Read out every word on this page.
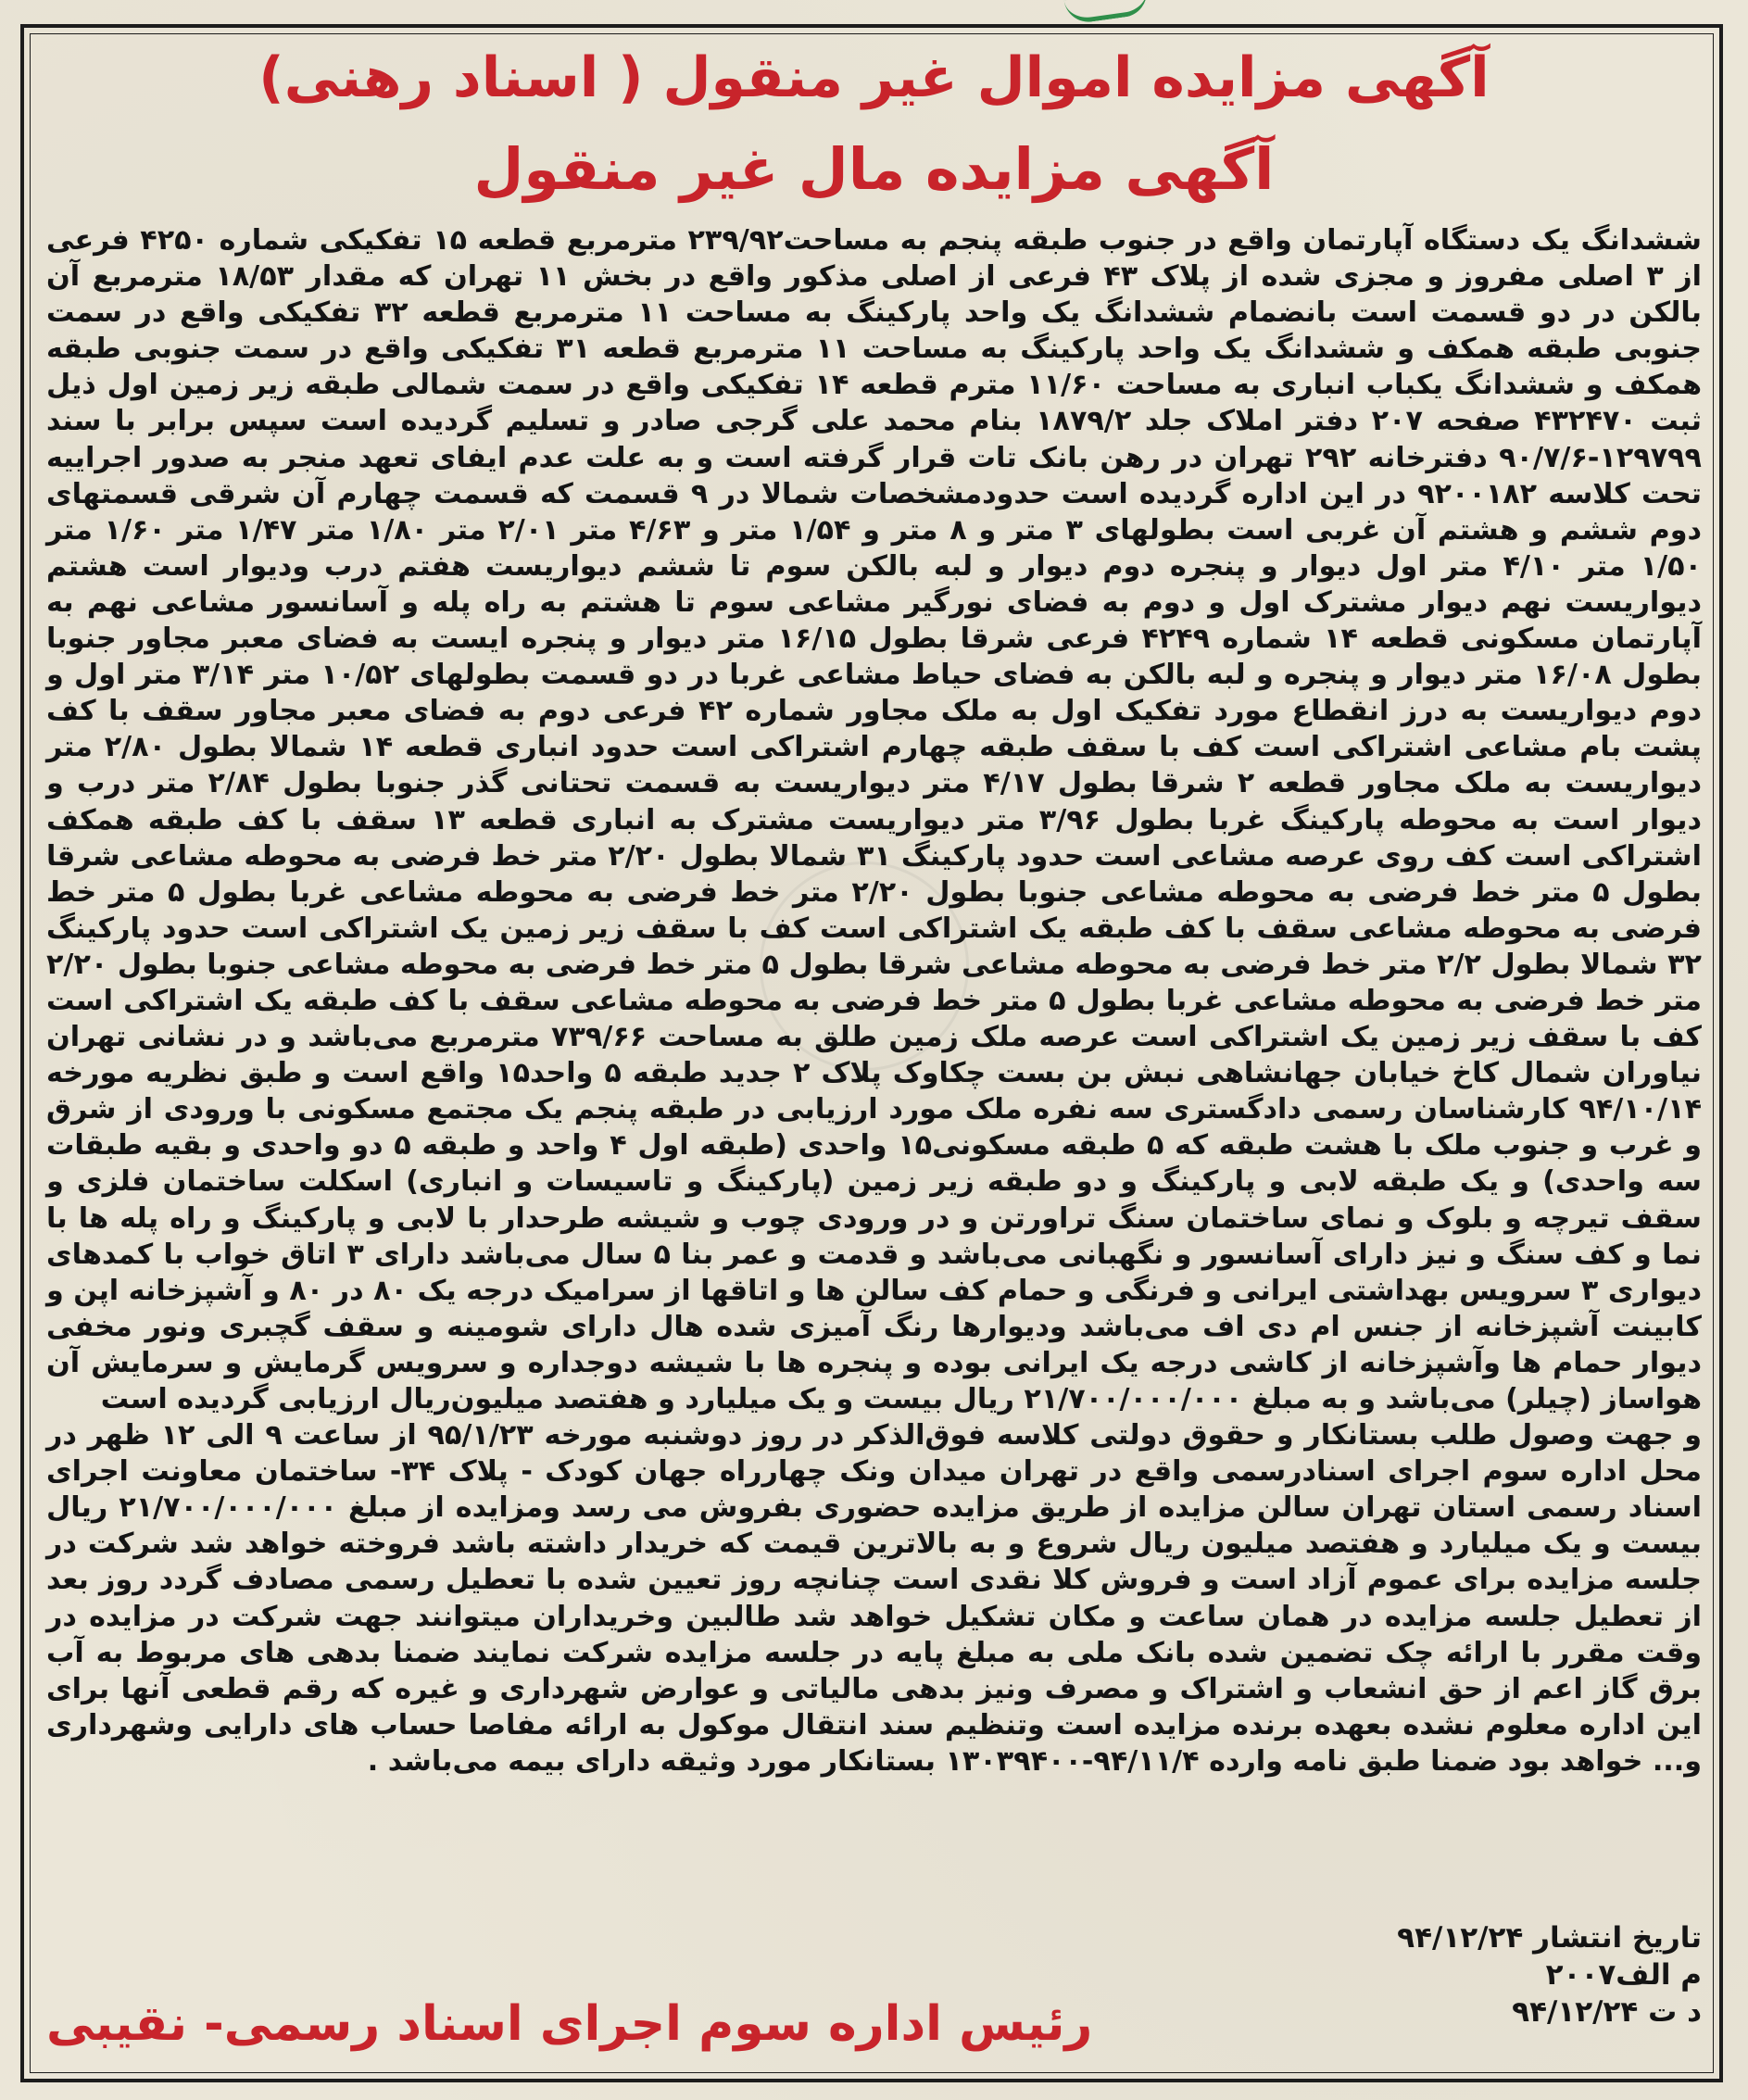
آگهی مزایده اموال غیر منقول ( اسناد رهنی)
آگهی مزایده مال غیر منقول

ششدانگ یک دستگاه آپارتمان واقع در جنوب طبقه پنجم به مساحت۲۳۹/۹۲ مترمربع قطعه ۱۵ تفکیکی شماره ۴۲۵۰ فرعی از ۳ اصلی مفروز و مجزی شده از پلاک ۴۳ فرعی از اصلی مذکور واقع در بخش ۱۱ تهران که مقدار ۱۸/۵۳ مترمربع آن بالکن در دو قسمت است بانضمام ششدانگ یک واحد پارکینگ به مساحت ۱۱ مترمربع قطعه ۳۲ تفکیکی واقع در سمت جنوبی طبقه همکف و ششدانگ یک واحد پارکینگ به مساحت ۱۱ مترمربع قطعه ۳۱ تفکیکی واقع در سمت جنوبی طبقه همکف و ششدانگ یکباب انباری به مساحت ۱۱/۶۰ مترم قطعه ۱۴ تفکیکی واقع در سمت شمالی طبقه زیر زمین اول ذیل ثبت ۴۳۲۴۷۰ صفحه ۲۰۷ دفتر املاک جلد ۱۸۷۹/۲ بنام محمد علی گرجی صادر و تسلیم گردیده است سپس برابر با سند ۱۲۹۷۹۹-۹۰/۷/۶ دفترخانه ۲۹۲ تهران در رهن بانک تات قرار گرفته است و به علت عدم ایفای تعهد منجر به صدور اجراییه تحت کلاسه ۹۲۰۰۱۸۲ در این اداره گردیده است حدودمشخصات شمالا در ۹ قسمت که قسمت چهارم آن شرقی قسمتهای دوم ششم و هشتم آن غربی است بطولهای ۳ متر و ۸ متر و ۱/۵۴ متر و ۴/۶۳ متر ۲/۰۱ متر ۱/۸۰ متر ۱/۴۷ متر ۱/۶۰ متر ۱/۵۰ متر ۴/۱۰ متر اول دیوار و پنجره دوم دیوار و لبه بالکن سوم تا ششم دیواریست هفتم درب ودیوار است هشتم دیواریست نهم دیوار مشترک اول و دوم به فضای نورگیر مشاعی سوم تا هشتم به راه پله و آسانسور مشاعی نهم به آپارتمان مسکونی قطعه ۱۴ شماره ۴۲۴۹ فرعی شرقا بطول ۱۶/۱۵ متر دیوار و پنجره ایست به فضای معبر مجاور جنوبا بطول ۱۶/۰۸ متر دیوار و پنجره و لبه بالکن به فضای حیاط مشاعی غربا در دو قسمت بطولهای ۱۰/۵۲ متر ۳/۱۴ متر اول و دوم دیواریست به درز انقطاع مورد تفکیک اول به ملک مجاور شماره ۴۲ فرعی دوم به فضای معبر مجاور سقف با کف پشت بام مشاعی اشتراکی است کف با سقف طبقه چهارم اشتراکی است حدود انباری قطعه ۱۴ شمالا بطول ۲/۸۰ متر دیواریست به ملک مجاور قطعه ۲ شرقا بطول ۴/۱۷ متر دیواریست به قسمت تحتانی گذر جنوبا بطول ۲/۸۴ متر درب و دیوار است به محوطه پارکینگ غربا بطول ۳/۹۶ متر دیواریست مشترک به انباری قطعه ۱۳ سقف با کف طبقه همکف اشتراکی است کف روی عرصه مشاعی است حدود پارکینگ ۳۱ شمالا بطول ۲/۲۰ متر خط فرضی به محوطه مشاعی شرقا بطول ۵ متر خط فرضی به محوطه مشاعی جنوبا بطول ۲/۲۰ متر خط فرضی به محوطه مشاعی غربا بطول ۵ متر خط فرضی به محوطه مشاعی سقف با کف طبقه یک اشتراکی است کف با سقف زیر زمین یک اشتراکی است حدود پارکینگ ۳۲ شمالا بطول ۲/۲ متر خط فرضی به محوطه مشاعی شرقا بطول ۵ متر خط فرضی به محوطه مشاعی جنوبا بطول ۲/۲۰ متر خط فرضی به محوطه مشاعی غربا بطول ۵ متر خط فرضی به محوطه مشاعی سقف با کف طبقه یک اشتراکی است کف با سقف زیر زمین یک اشتراکی است عرصه ملک زمین طلق به مساحت ۷۳۹/۶۶ مترمربع می‌باشد و در نشانی تهران نیاوران شمال کاخ خیابان جهانشاهی نبش بن بست چکاوک پلاک ۲ جدید طبقه ۵ واحد۱۵ واقع است و طبق نظریه مورخه ۹۴/۱۰/۱۴ کارشناسان رسمی دادگستری سه نفره ملک مورد ارزیابی در طبقه پنجم یک مجتمع مسکونی با ورودی از شرق و غرب و جنوب ملک با هشت طبقه که ۵ طبقه مسکونی۱۵ واحدی (طبقه اول ۴ واحد و طبقه ۵ دو واحدی و بقیه طبقات سه واحدی) و یک طبقه لابی و پارکینگ و دو طبقه زیر زمین (پارکینگ و تاسیسات و انباری) اسکلت ساختمان فلزی و سقف تیرچه و بلوک و نمای ساختمان سنگ تراورتن و در ورودی چوب و شیشه طرحدار با لابی و پارکینگ و راه پله ها با نما و کف سنگ و نیز دارای آسانسور و نگهبانی می‌باشد و قدمت و عمر بنا ۵ سال می‌باشد دارای ۳ اتاق خواب با کمدهای دیواری ۳ سرویس بهداشتی ایرانی و فرنگی و حمام کف سالن ها و اتاقها از سرامیک درجه یک ۸۰ در ۸۰ و آشپزخانه اپن و کابینت آشپزخانه از جنس ام دی اف می‌باشد ودیوارها رنگ آمیزی شده هال دارای شومینه و سقف گچبری ونور مخفی دیوار حمام ها وآشپزخانه از کاشی درجه یک ایرانی بوده و پنجره ها با شیشه دوجداره و سرویس گرمایش و سرمایش آن هواساز (چیلر) می‌باشد و به مبلغ ۲۱/۷۰۰/۰۰۰/۰۰۰ ریال بیست و یک میلیارد و هفتصد میلیون‌ریال ارزیابی گردیده است

و جهت وصول طلب بستانکار و حقوق دولتی کلاسه فوق‌الذکر در روز دوشنبه مورخه ۹۵/۱/۲۳ از ساعت ۹ الی ۱۲ ظهر در محل اداره سوم اجرای اسنادرسمی واقع در تهران میدان ونک چهارراه جهان کودک - پلاک ۳۴- ساختمان معاونت اجرای اسناد رسمی استان تهران سالن مزایده از طریق مزایده حضوری بفروش می رسد ومزایده از مبلغ ۲۱/۷۰۰/۰۰۰/۰۰۰ ریال بیست و یک میلیارد و هفتصد میلیون ریال شروع و به بالاترین قیمت که خریدار داشته باشد فروخته خواهد شد شرکت در جلسه مزایده برای عموم آزاد است و فروش کلا نقدی است چنانچه روز تعیین شده با تعطیل رسمی مصادف گردد روز بعد از تعطیل جلسه مزایده در همان ساعت و مکان تشکیل خواهد شد طالبین وخریداران میتوانند جهت شرکت در مزایده در وقت مقرر با ارائه چک تضمین شده بانک ملی به مبلغ پایه در جلسه مزایده شرکت نمایند ضمنا بدهی های مربوط به آب برق گاز اعم از حق انشعاب و اشتراک و مصرف ونیز بدهی مالیاتی و عوارض شهرداری و غیره که رقم قطعی آنها برای این اداره معلوم نشده بعهده برنده مزایده است وتنظیم سند انتقال موکول به ارائه مفاصا حساب های دارایی وشهرداری و... خواهد بود ضمنا طبق نامه وارده ۹۴/۱۱/۴-۱۳۰۳۹۴۰۰ بستانکار مورد وثیقه دارای بیمه می‌باشد .

تاریخ انتشار ۹۴/۱۲/۲۴
م الف۲۰۰۷
د ت ۹۴/۱۲/۲۴
رئیس اداره سوم اجرای اسناد رسمی- نقیبی
